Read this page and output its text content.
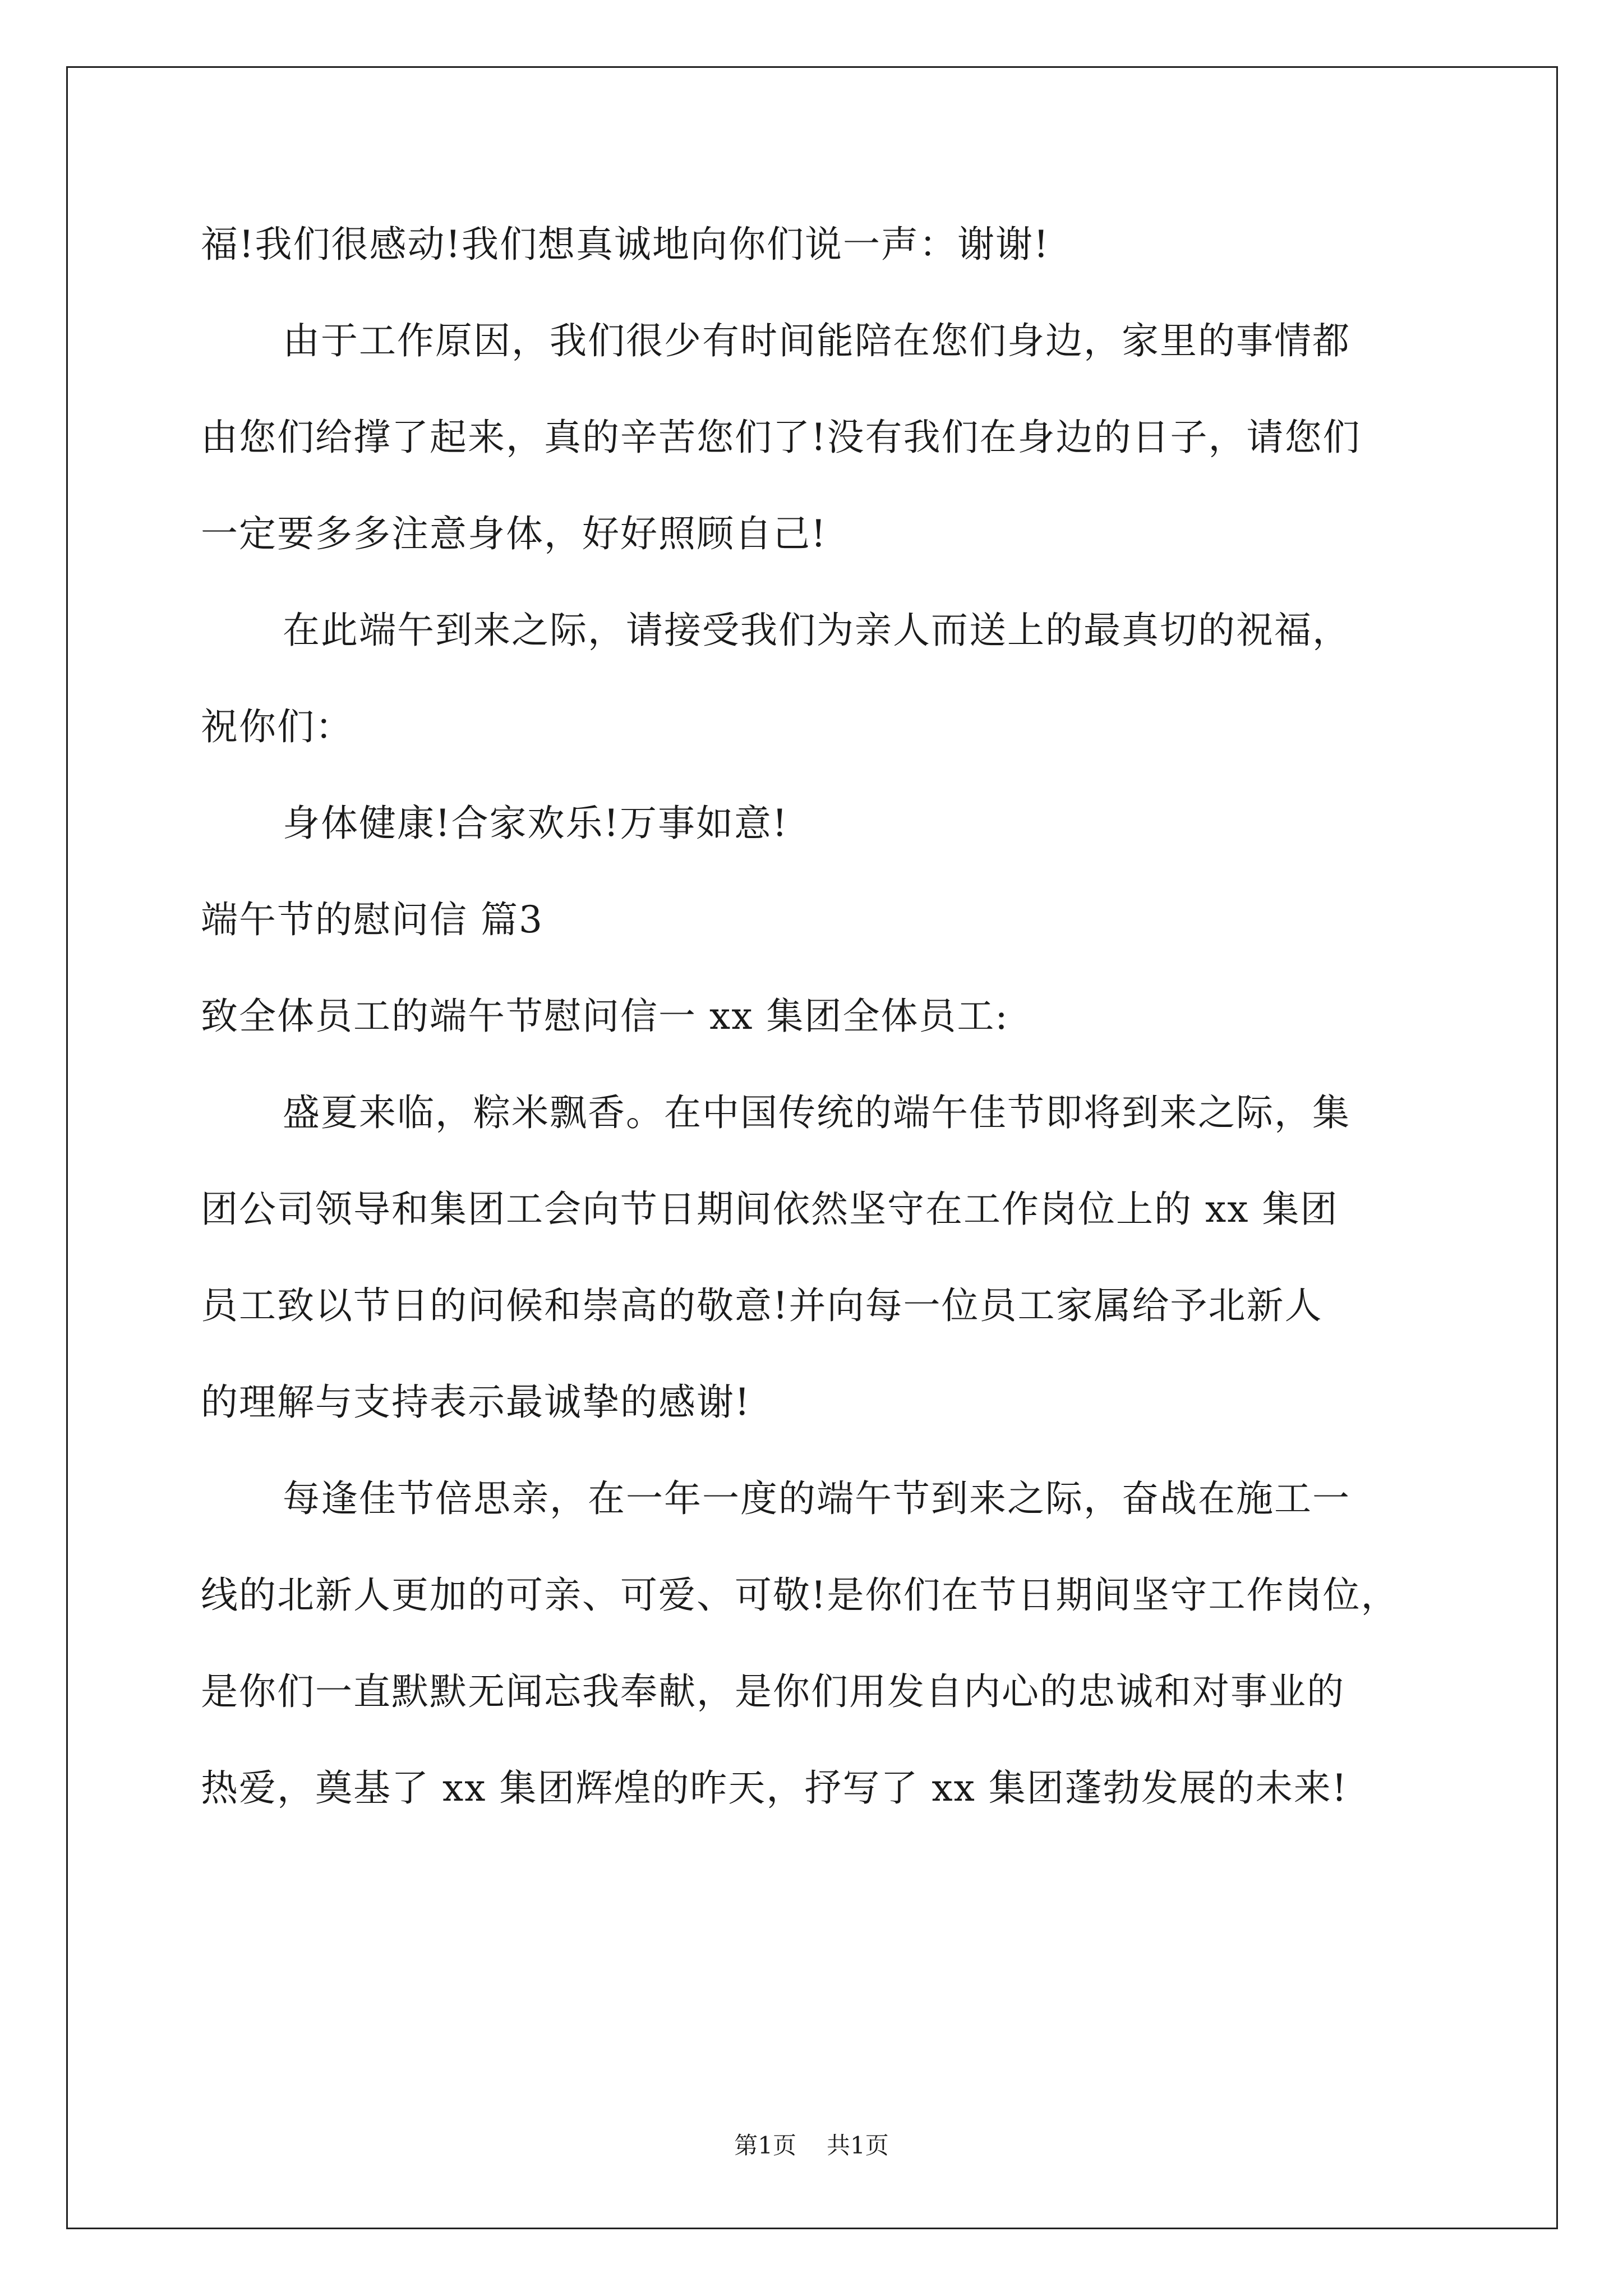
福!我们很感动!我们想真诚地向你们说一声：谢谢!
由于工作原因，我们很少有时间能陪在您们身边，家里的事情都
由您们给撑了起来，真的辛苦您们了!没有我们在身边的日子，请您们
一定要多多注意身体，好好照顾自己!
在此端午到来之际，请接受我们为亲人而送上的最真切的祝福，
祝你们：
身体健康!合家欢乐!万事如意!
端午节的慰问信 篇3
致全体员工的端午节慰问信一 xx 集团全体员工:
盛夏来临，粽米飘香。在中国传统的端午佳节即将到来之际，集
团公司领导和集团工会向节日期间依然坚守在工作岗位上的 xx 集团
员工致以节日的问候和崇高的敬意!并向每一位员工家属给予北新人
的理解与支持表示最诚挚的感谢!
每逢佳节倍思亲，在一年一度的端午节到来之际，奋战在施工一
线的北新人更加的可亲、可爱、可敬!是你们在节日期间坚守工作岗位，
是你们一直默默无闻忘我奉献，是你们用发自内心的忠诚和对事业的
热爱，奠基了 xx 集团辉煌的昨天，抒写了 xx 集团蓬勃发展的未来!
第1页 共1页
